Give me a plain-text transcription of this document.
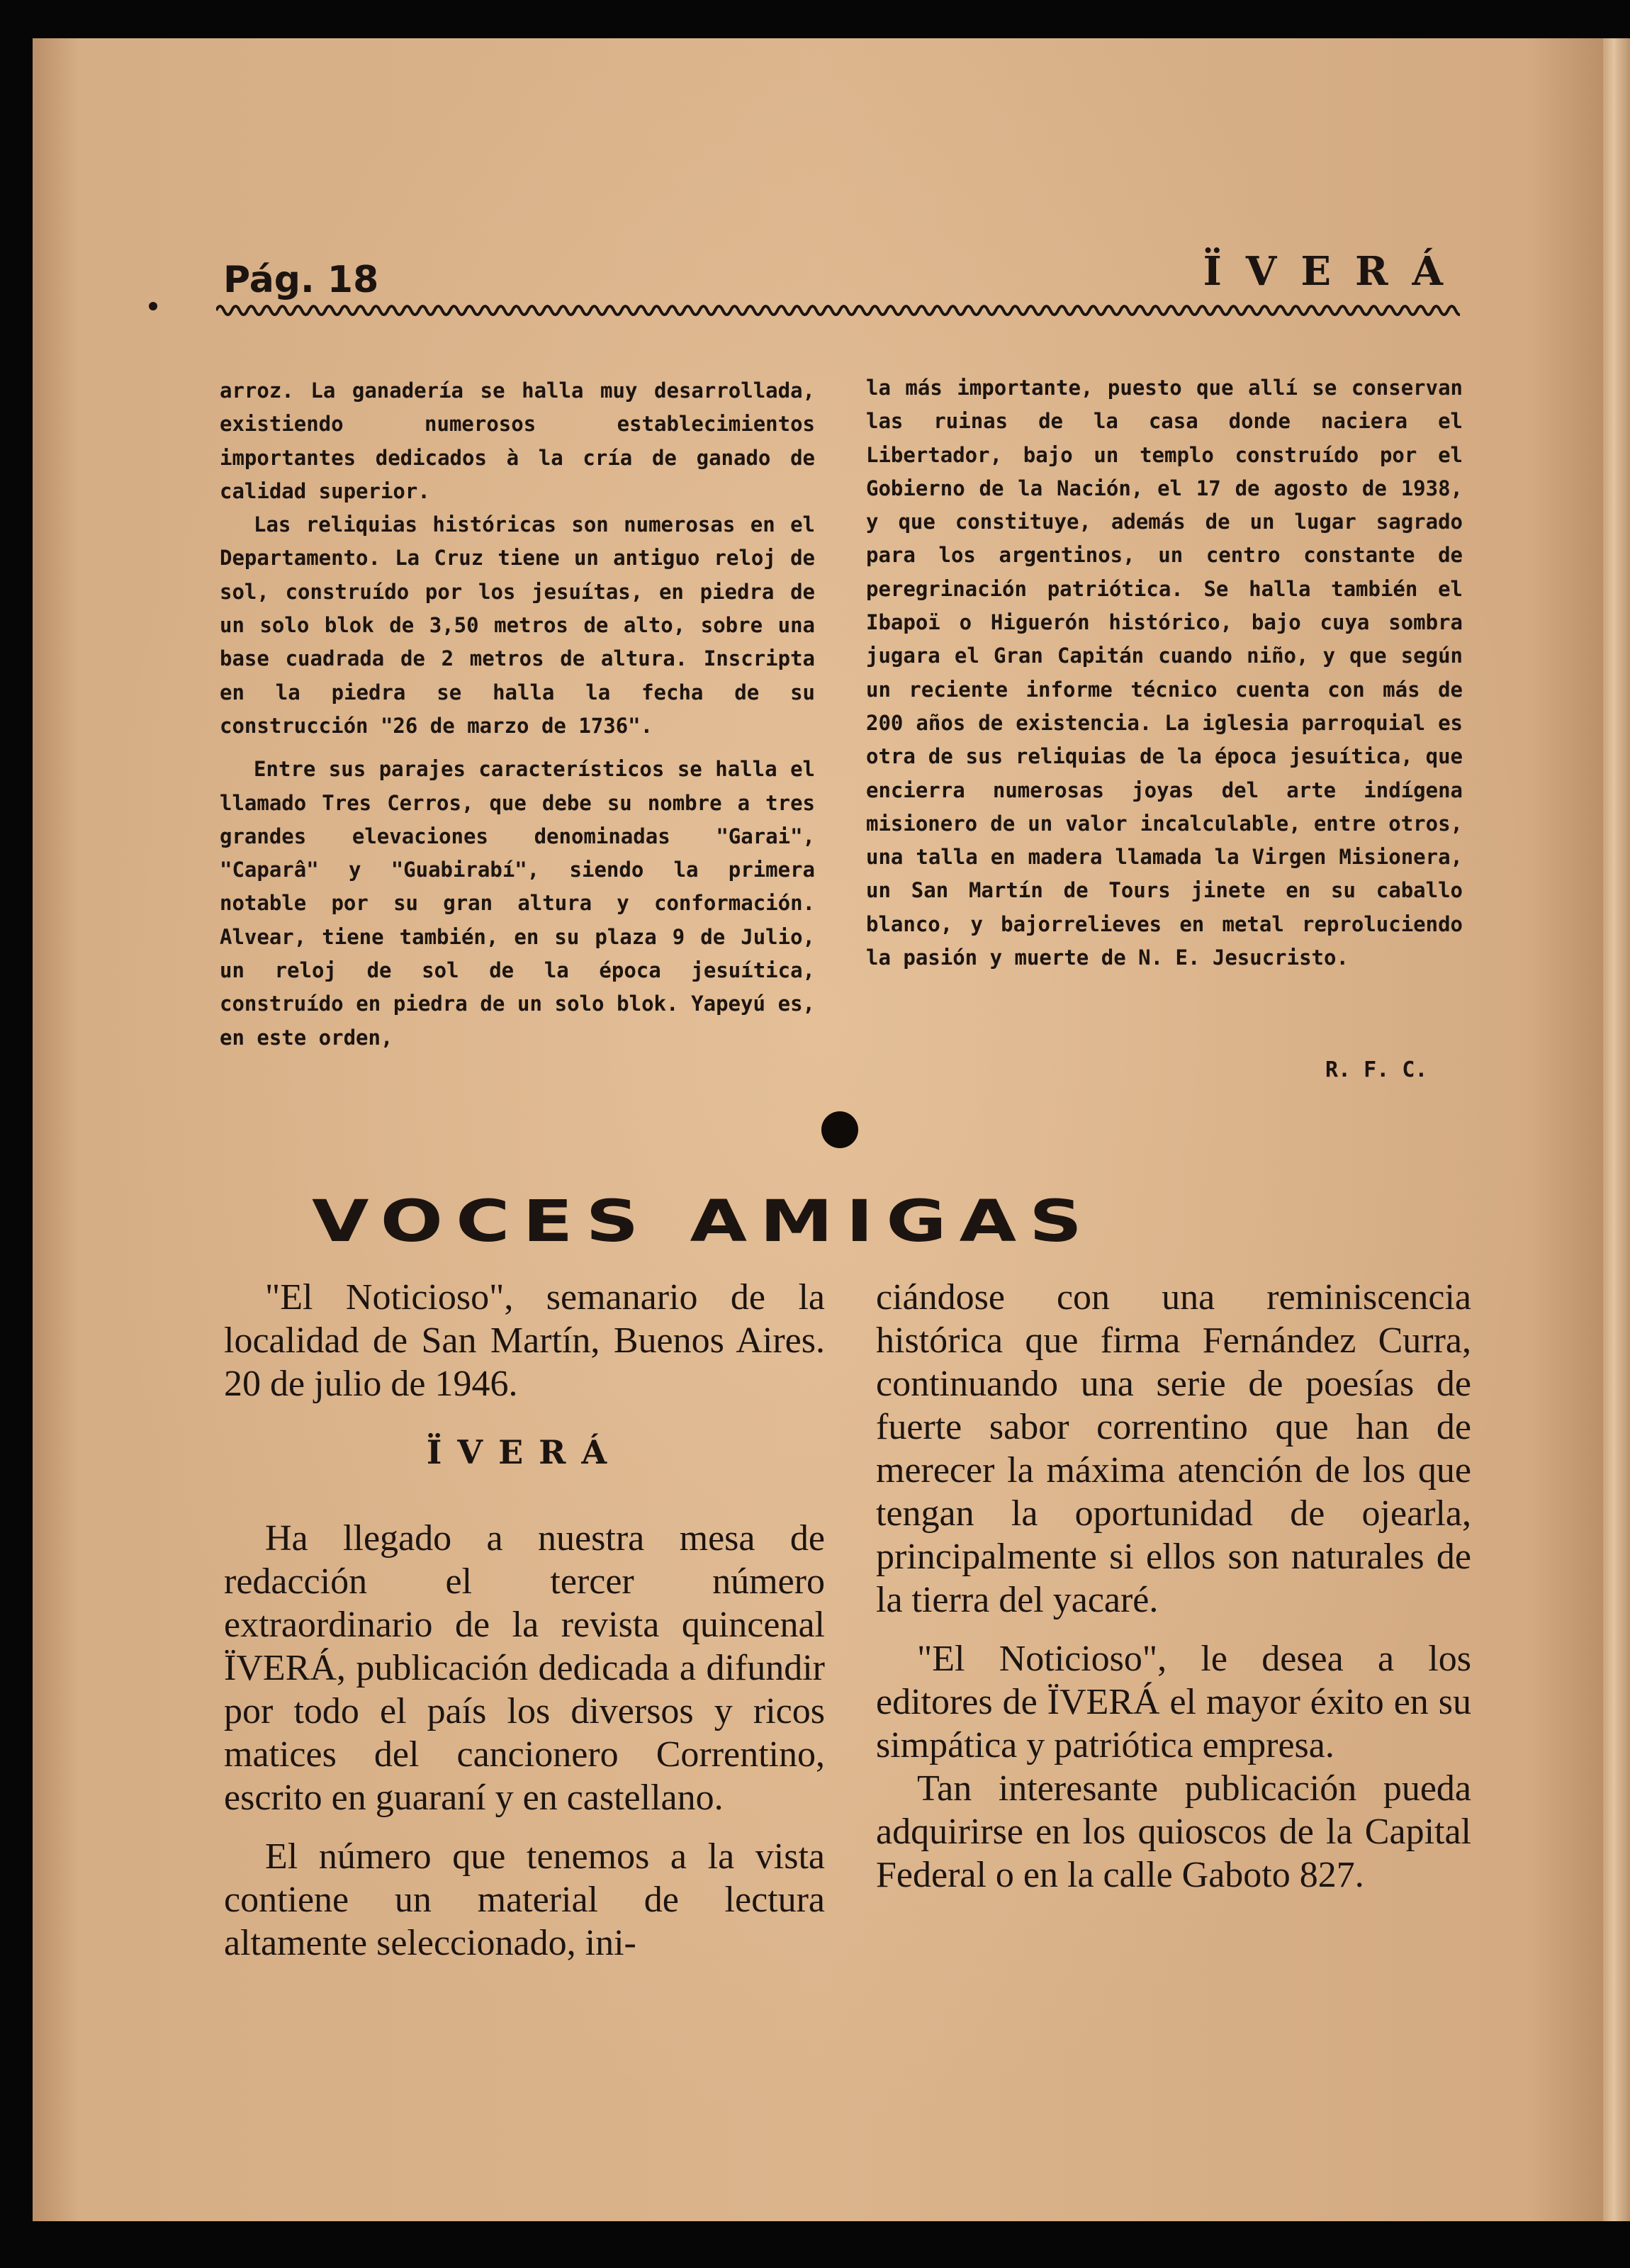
Pág. 18	ÏVERÁ

arroz. La ganadería se halla muy desarrollada, existiendo numerosos establecimientos importantes dedicados à la cría de ganado de calidad superior.

Las reliquias históricas son numerosas en el Departamento. La Cruz tiene un antiguo reloj de sol, construído por los jesuítas, en piedra de un solo blok de 3,50 metros de alto, sobre una base cuadrada de 2 metros de altura. Inscripta en la piedra se halla la fecha de su construcción "26 de marzo de 1736".

Entre sus parajes característicos se halla el llamado Tres Cerros, que debe su nombre a tres grandes elevaciones denominadas "Garai", "Caparâ" y "Guabirabí", siendo la primera notable por su gran altura y conformación. Alvear, tiene también, en su plaza 9 de Julio, un reloj de sol de la época jesuítica, construído en piedra de un solo blok. Yapeyú es, en este orden,

la más importante, puesto que allí se conservan las ruinas de la casa donde naciera el Libertador, bajo un templo construído por el Gobierno de la Nación, el 17 de agosto de 1938, y que constituye, además de un lugar sagrado para los argentinos, un centro constante de peregrinación patriótica. Se halla también el Ibapoï o Higuerón histórico, bajo cuya sombra jugara el Gran Capitán cuando niño, y que según un reciente informe técnico cuenta con más de 200 años de existencia. La iglesia parroquial es otra de sus reliquias de la época jesuítica, que encierra numerosas joyas del arte indígena misionero de un valor incalculable, entre otros, una talla en madera llamada la Virgen Misionera, un San Martín de Tours jinete en su caballo blanco, y bajorrelieves en metal reproluciendo la pasión y muerte de N. E. Jesucristo.

R. F. C.
VOCES AMIGAS

"El Noticioso", semanario de la localidad de San Martín, Buenos Aires. 20 de julio de 1946.

ÏVERÁ

Ha llegado a nuestra mesa de redacción el tercer número extraordinario de la revista quincenal ÏVERÁ, publicación dedicada a difundir por todo el país los diversos y ricos matices del cancionero Correntino, escrito en guaraní y en castellano.

El número que tenemos a la vista contiene un material de lectura altamente seleccionado, ini-

ciándose con una reminiscencia histórica que firma Fernández Curra, continuando una serie de poesías de fuerte sabor correntino que han de merecer la máxima atención de los que tengan la oportunidad de ojearla, principalmente si ellos son naturales de la tierra del yacaré.

"El Noticioso", le desea a los editores de ÏVERÁ el mayor éxito en su simpática y patriótica empresa.

Tan interesante publicación pueda adquirirse en los quioscos de la Capital Federal o en la calle Gaboto 827.
